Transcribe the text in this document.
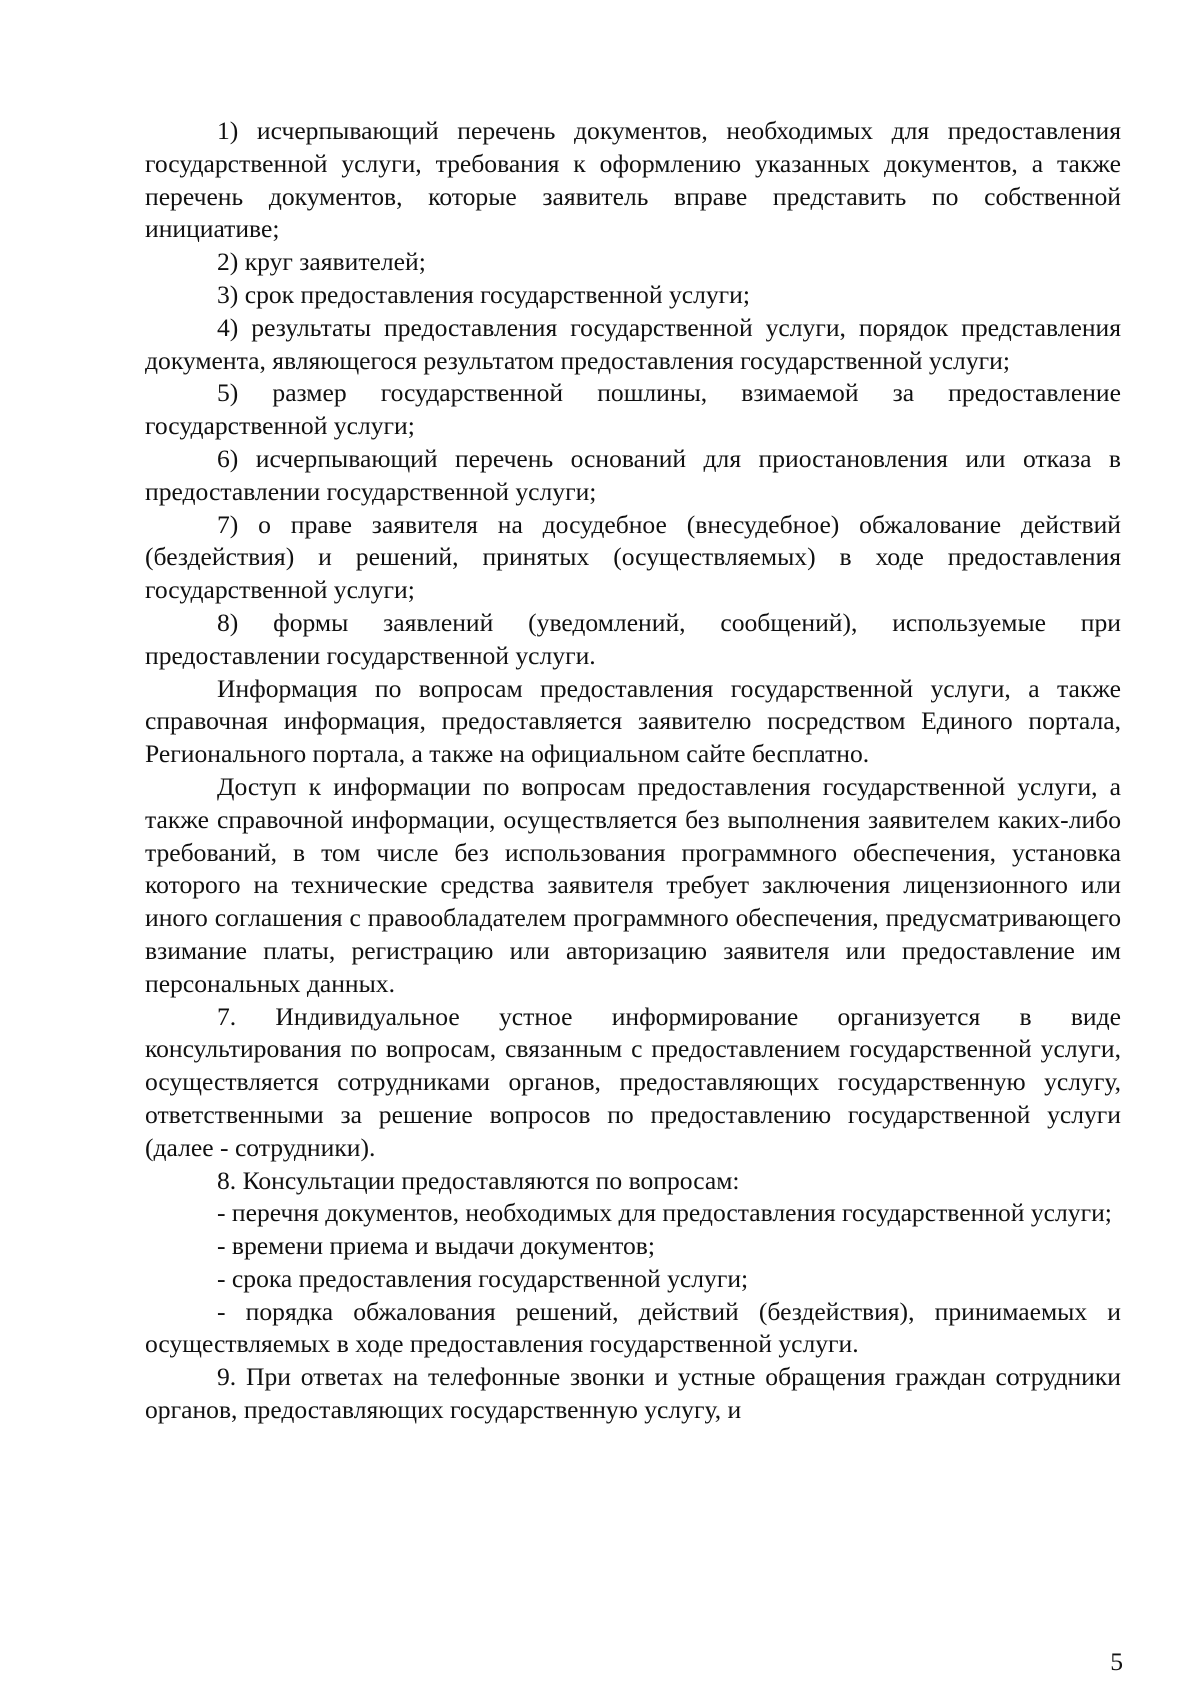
1) исчерпывающий перечень документов, необходимых для предоставления государственной услуги, требования к оформлению указанных документов, а также перечень документов, которые заявитель вправе представить по собственной инициативе;

2) круг заявителей;

3) срок предоставления государственной услуги;

4) результаты предоставления государственной услуги, порядок представления документа, являющегося результатом предоставления государственной услуги;

5) размер государственной пошлины, взимаемой за предоставление государственной услуги;

6) исчерпывающий перечень оснований для приостановления или отказа в предоставлении государственной услуги;

7) о праве заявителя на досудебное (внесудебное) обжалование действий (бездействия) и решений, принятых (осуществляемых) в ходе предоставления государственной услуги;

8) формы заявлений (уведомлений, сообщений), используемые при предоставлении государственной услуги.

Информация по вопросам предоставления государственной услуги, а также справочная информация, предоставляется заявителю посредством Единого портала, Регионального портала, а также на официальном сайте бесплатно.

Доступ к информации по вопросам предоставления государственной услуги, а также справочной информации, осуществляется без выполнения заявителем каких-либо требований, в том числе без использования программного обеспечения, установка которого на технические средства заявителя требует заключения лицензионного или иного соглашения с правообладателем программного обеспечения, предусматривающего взимание платы, регистрацию или авторизацию заявителя или предоставление им персональных данных.

7. Индивидуальное устное информирование организуется в виде консультирования по вопросам, связанным с предоставлением государственной услуги, осуществляется сотрудниками органов, предоставляющих государственную услугу, ответственными за решение вопросов по предоставлению государственной услуги (далее - сотрудники).

8. Консультации предоставляются по вопросам:

- перечня документов, необходимых для предоставления государственной услуги;

- времени приема и выдачи документов;

- срока предоставления государственной услуги;

- порядка обжалования решений, действий (бездействия), принимаемых и осуществляемых в ходе предоставления государственной услуги.

9. При ответах на телефонные звонки и устные обращения граждан сотрудники органов, предоставляющих государственную услугу, и

5
